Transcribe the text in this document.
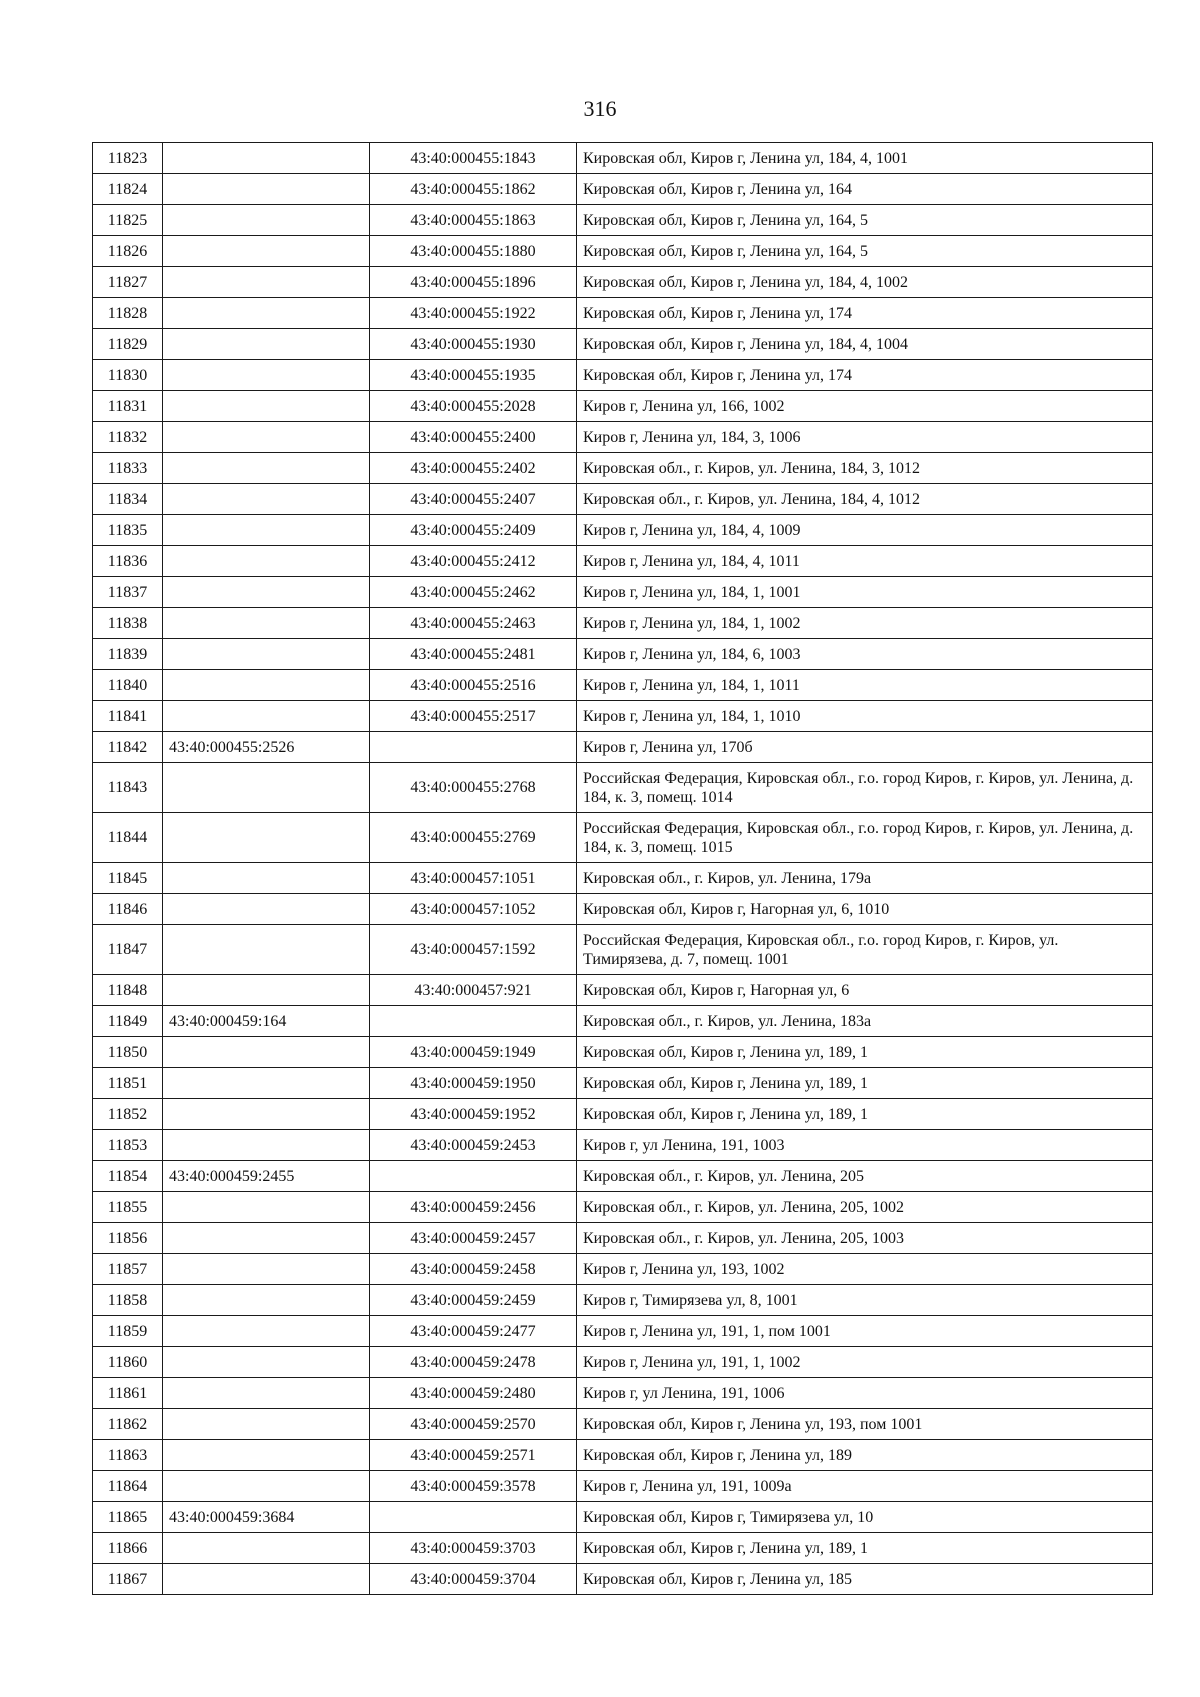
316
11823		43:40:000455:1843	Кировская обл, Киров г, Ленина ул, 184, 4, 1001
11824		43:40:000455:1862	Кировская обл, Киров г, Ленина ул, 164
11825		43:40:000455:1863	Кировская обл, Киров г, Ленина ул, 164, 5
11826		43:40:000455:1880	Кировская обл, Киров г, Ленина ул, 164, 5
11827		43:40:000455:1896	Кировская обл, Киров г, Ленина ул, 184, 4, 1002
11828		43:40:000455:1922	Кировская обл, Киров г, Ленина ул, 174
11829		43:40:000455:1930	Кировская обл, Киров г, Ленина ул, 184, 4, 1004
11830		43:40:000455:1935	Кировская обл, Киров г, Ленина ул, 174
11831		43:40:000455:2028	Киров г, Ленина ул, 166, 1002
11832		43:40:000455:2400	Киров г, Ленина ул, 184, 3, 1006
11833		43:40:000455:2402	Кировская обл., г. Киров, ул. Ленина, 184, 3, 1012
11834		43:40:000455:2407	Кировская обл., г. Киров, ул. Ленина, 184, 4, 1012
11835		43:40:000455:2409	Киров г, Ленина ул, 184, 4, 1009
11836		43:40:000455:2412	Киров г, Ленина ул, 184, 4, 1011
11837		43:40:000455:2462	Киров г, Ленина ул, 184, 1, 1001
11838		43:40:000455:2463	Киров г, Ленина ул, 184, 1, 1002
11839		43:40:000455:2481	Киров г, Ленина ул, 184, 6, 1003
11840		43:40:000455:2516	Киров г, Ленина ул, 184, 1, 1011
11841		43:40:000455:2517	Киров г, Ленина ул, 184, 1, 1010
11842	43:40:000455:2526		Киров г, Ленина ул, 170б
11843		43:40:000455:2768	Российская Федерация, Кировская обл., г.о. город Киров, г. Киров, ул. Ленина, д. 184, к. 3, помещ. 1014
11844		43:40:000455:2769	Российская Федерация, Кировская обл., г.о. город Киров, г. Киров, ул. Ленина, д. 184, к. 3, помещ. 1015
11845		43:40:000457:1051	Кировская обл., г. Киров, ул. Ленина, 179а
11846		43:40:000457:1052	Кировская обл, Киров г, Нагорная ул, 6, 1010
11847		43:40:000457:1592	Российская Федерация, Кировская обл., г.о. город Киров, г. Киров, ул. Тимирязева, д. 7, помещ. 1001
11848		43:40:000457:921	Кировская обл, Киров г, Нагорная ул, 6
11849	43:40:000459:164		Кировская обл., г. Киров, ул. Ленина, 183а
11850		43:40:000459:1949	Кировская обл, Киров г, Ленина ул, 189, 1
11851		43:40:000459:1950	Кировская обл, Киров г, Ленина ул, 189, 1
11852		43:40:000459:1952	Кировская обл, Киров г, Ленина ул, 189, 1
11853		43:40:000459:2453	Киров г, ул Ленина, 191, 1003
11854	43:40:000459:2455		Кировская обл., г. Киров, ул. Ленина, 205
11855		43:40:000459:2456	Кировская обл., г. Киров, ул. Ленина, 205, 1002
11856		43:40:000459:2457	Кировская обл., г. Киров, ул. Ленина, 205, 1003
11857		43:40:000459:2458	Киров г, Ленина ул, 193, 1002
11858		43:40:000459:2459	Киров г, Тимирязева ул, 8, 1001
11859		43:40:000459:2477	Киров г, Ленина ул, 191, 1, пом 1001
11860		43:40:000459:2478	Киров г, Ленина ул, 191, 1, 1002
11861		43:40:000459:2480	Киров г, ул Ленина, 191, 1006
11862		43:40:000459:2570	Кировская обл, Киров г, Ленина ул, 193, пом 1001
11863		43:40:000459:2571	Кировская обл, Киров г, Ленина ул, 189
11864		43:40:000459:3578	Киров г, Ленина ул, 191, 1009а
11865	43:40:000459:3684		Кировская обл, Киров г, Тимирязева ул, 10
11866		43:40:000459:3703	Кировская обл, Киров г, Ленина ул, 189, 1
11867		43:40:000459:3704	Кировская обл, Киров г, Ленина ул, 185
